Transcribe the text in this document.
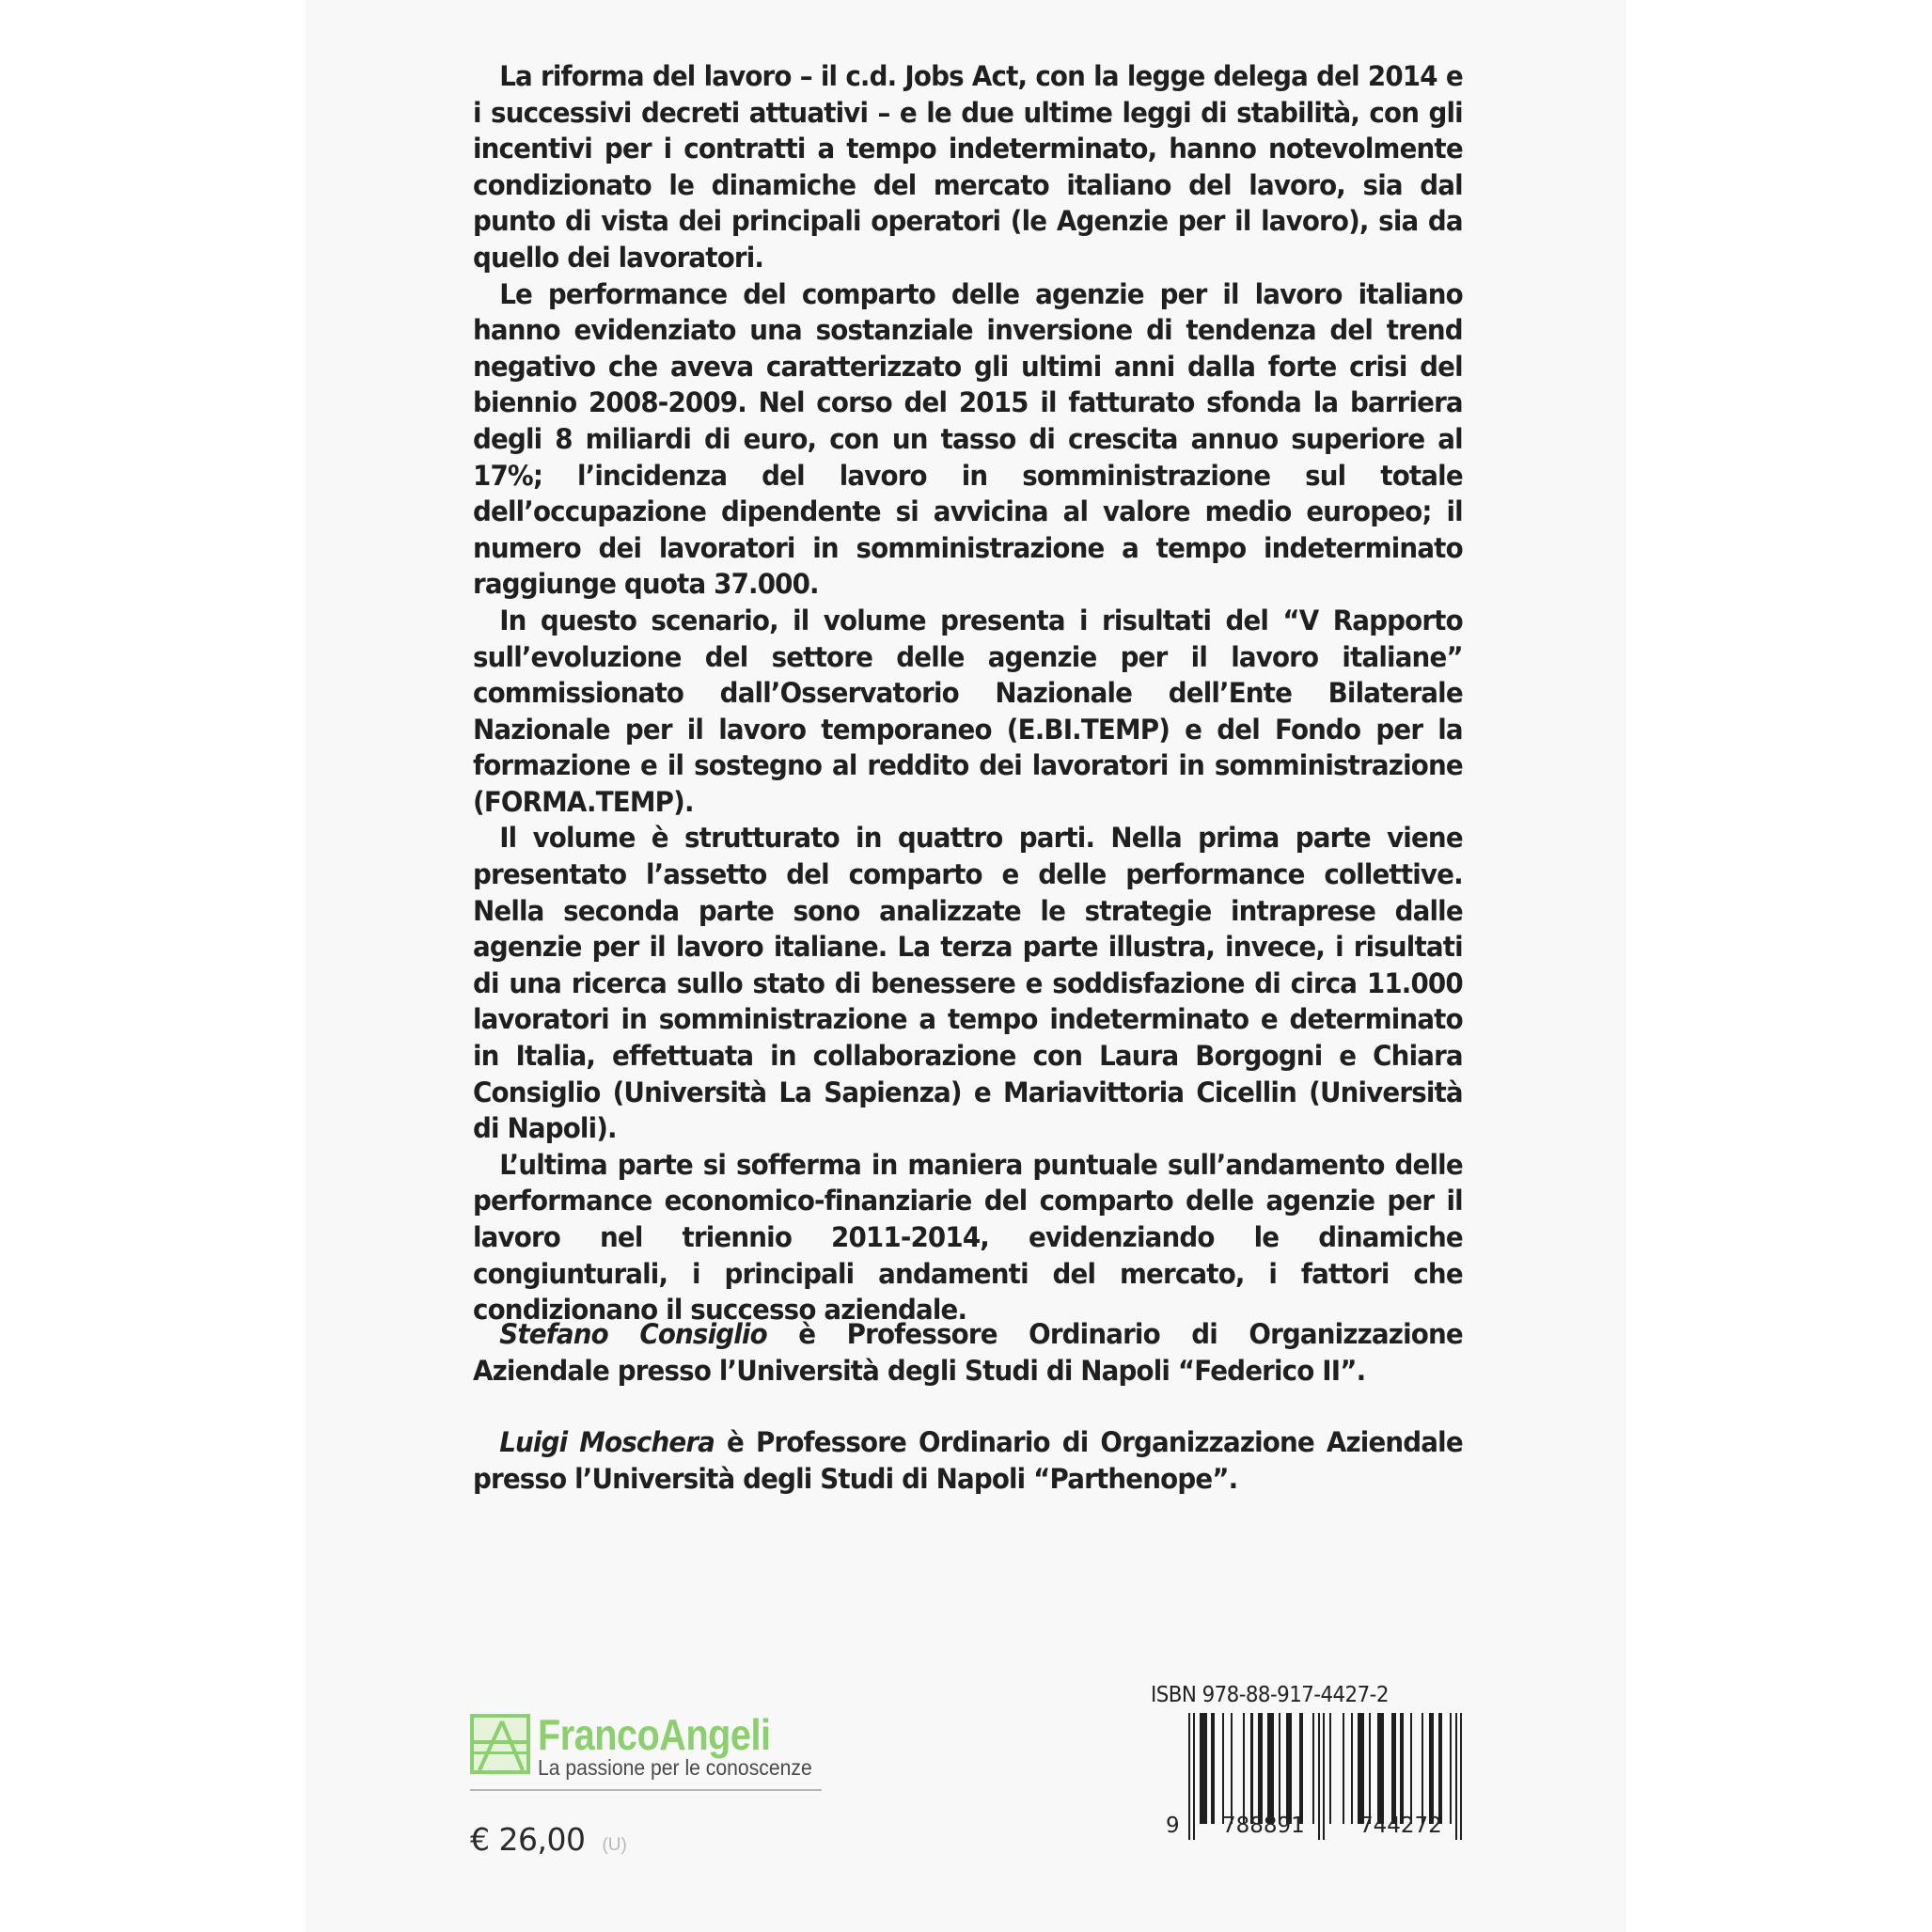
La riforma del lavoro – il c.d. Jobs Act, con la legge delega del 2014 e i successivi decreti attuativi – e le due ultime leggi di stabilità, con gli incentivi per i contratti a tempo indeterminato, hanno notevolmente condizionato le dinamiche del mercato italiano del lavoro, sia dal punto di vista dei principali operatori (le Agenzie per il lavoro), sia da quello dei lavoratori.

Le performance del comparto delle agenzie per il lavoro italiano hanno evidenziato una sostanziale inversione di tendenza del trend negativo che aveva caratterizzato gli ultimi anni dalla forte crisi del biennio 2008-2009. Nel corso del 2015 il fatturato sfonda la barriera degli 8 miliardi di euro, con un tasso di crescita annuo superiore al 17%; l’incidenza del lavoro in somministrazione sul totale dell’occupazione dipendente si avvicina al valore medio europeo; il numero dei lavoratori in somministrazione a tempo indeterminato raggiunge quota 37.000.

In questo scenario, il volume presenta i risultati del “V Rapporto sull’evoluzione del settore delle agenzie per il lavoro italiane” commissionato dall’Osservatorio Nazionale dell’Ente Bilaterale Nazionale per il lavoro temporaneo (E.BI.TEMP) e del Fondo per la formazione e il sostegno al reddito dei lavoratori in somministrazione (FORMA.TEMP).

Il volume è strutturato in quattro parti. Nella prima parte viene presentato l’assetto del comparto e delle performance collettive. Nella seconda parte sono analizzate le strategie intraprese dalle agenzie per il lavoro italiane. La terza parte illustra, invece, i risultati di una ricerca sullo stato di benessere e soddisfazione di circa 11.000 lavoratori in somministrazione a tempo indeterminato e determinato in Italia, effettuata in collaborazione con Laura Borgogni e Chiara Consiglio (Università La Sapienza) e Mariavittoria Cicellin (Università di Napoli).

L’ultima parte si sofferma in maniera puntuale sull’andamento delle performance economico-finanziarie del comparto delle agenzie per il lavoro nel triennio 2011-2014, evidenziando le dinamiche congiunturali, i principali andamenti del mercato, i fattori che condizionano il successo aziendale.

Stefano Consiglio è Professore Ordinario di Organizzazione Aziendale presso l’Università degli Studi di Napoli “Federico II”.

Luigi Moschera è Professore Ordinario di Organizzazione Aziendale presso l’Università degli Studi di Napoli “Parthenope”.

FrancoAngeli
La passione per le conoscenze
€ 26,00 (U)
ISBN 978-88-917-4427-2
9 788891	744272
